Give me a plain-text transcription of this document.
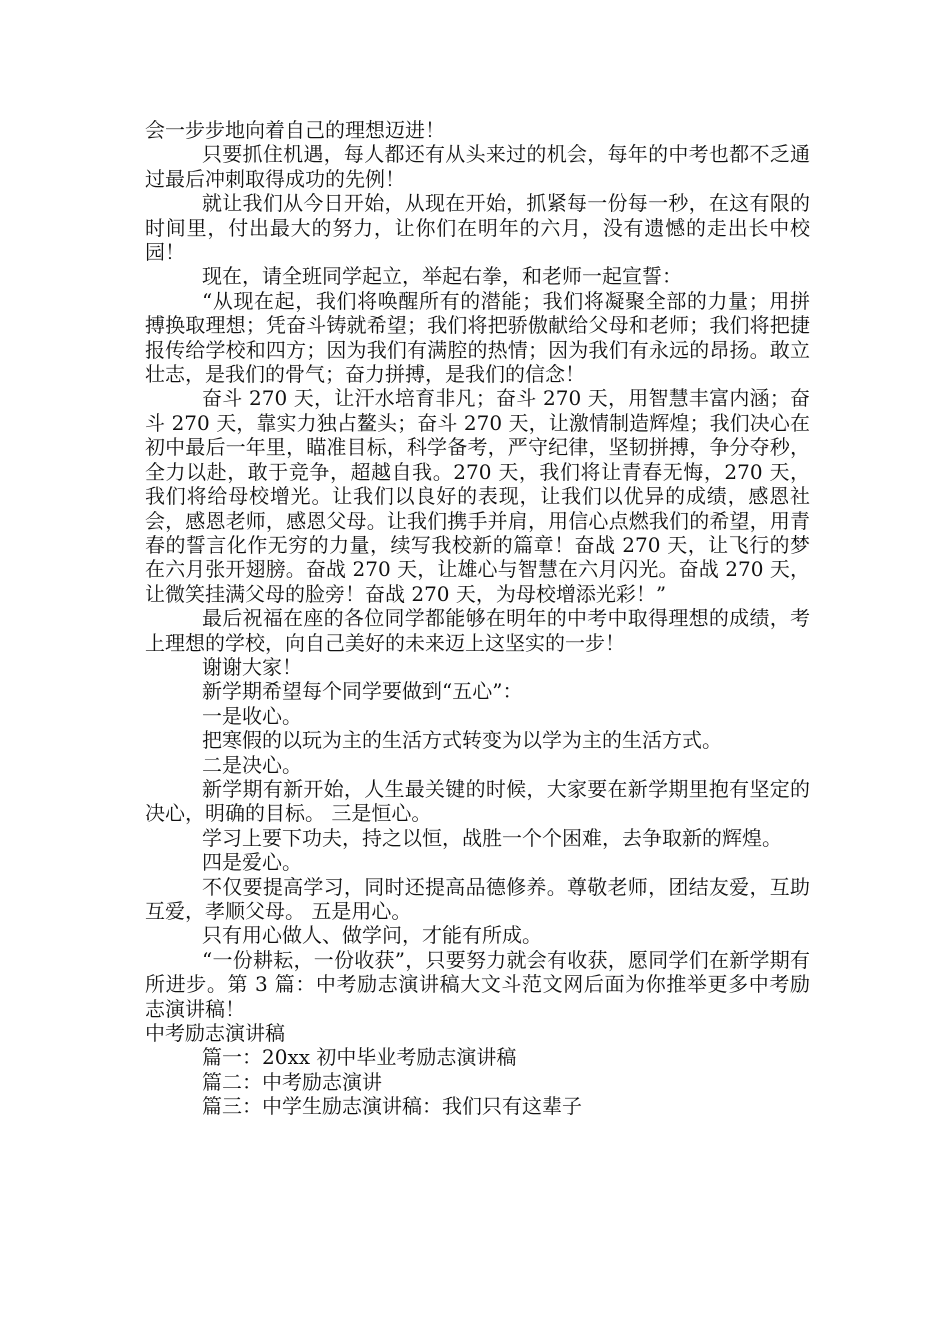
会一步步地向着自己的理想迈进！

只要抓住机遇，每人都还有从头来过的机会，每年的中考也都不乏通过最后冲刺取得成功的先例！

就让我们从今日开始，从现在开始，抓紧每一份每一秒，在这有限的时间里，付出最大的努力，让你们在明年的六月，没有遗憾的走出长中校园！

现在，请全班同学起立，举起右拳，和老师一起宣誓：

“从现在起，我们将唤醒所有的潜能；我们将凝聚全部的力量；用拼搏换取理想；凭奋斗铸就希望；我们将把骄傲献给父母和老师；我们将把捷报传给学校和四方；因为我们有满腔的热情；因为我们有永远的昂扬。敢立壮志，是我们的骨气；奋力拼搏，是我们的信念！

奋斗 270 天，让汗水培育非凡；奋斗 270 天，用智慧丰富内涵；奋斗 270 天，靠实力独占鳌头；奋斗 270 天，让激情制造辉煌；我们决心在初中最后一年里，瞄准目标，科学备考，严守纪律，坚韧拼搏，争分夺秒，全力以赴，敢于竞争，超越自我。270 天，我们将让青春无悔，270 天，我们将给母校增光。让我们以良好的表现，让我们以优异的成绩，感恩社会，感恩老师，感恩父母。让我们携手并肩，用信心点燃我们的希望，用青春的誓言化作无穷的力量，续写我校新的篇章！奋战 270 天，让飞行的梦在六月张开翅膀。奋战 270 天，让雄心与智慧在六月闪光。奋战 270 天，让微笑挂满父母的脸旁！奋战 270 天，为母校增添光彩！”

最后祝福在座的各位同学都能够在明年的中考中取得理想的成绩，考上理想的学校，向自己美好的未来迈上这坚实的一步！

谢谢大家！

新学期希望每个同学要做到“五心”：

一是收心。

把寒假的以玩为主的生活方式转变为以学为主的生活方式。

二是决心。

新学期有新开始，人生最关键的时候，大家要在新学期里抱有坚定的决心，明确的目标。 三是恒心。

学习上要下功夫，持之以恒，战胜一个个困难，去争取新的辉煌。

四是爱心。

不仅要提高学习，同时还提高品德修养。尊敬老师，团结友爱，互助互爱，孝顺父母。 五是用心。

只有用心做人、做学问，才能有所成。

“一份耕耘，一份收获”，只要努力就会有收获，愿同学们在新学期有所进步。第 3 篇：中考励志演讲稿大文斗范文网后面为你推举更多中考励志演讲稿！

中考励志演讲稿

篇一：20xx 初中毕业考励志演讲稿

篇二：中考励志演讲

篇三：中学生励志演讲稿：我们只有这辈子
